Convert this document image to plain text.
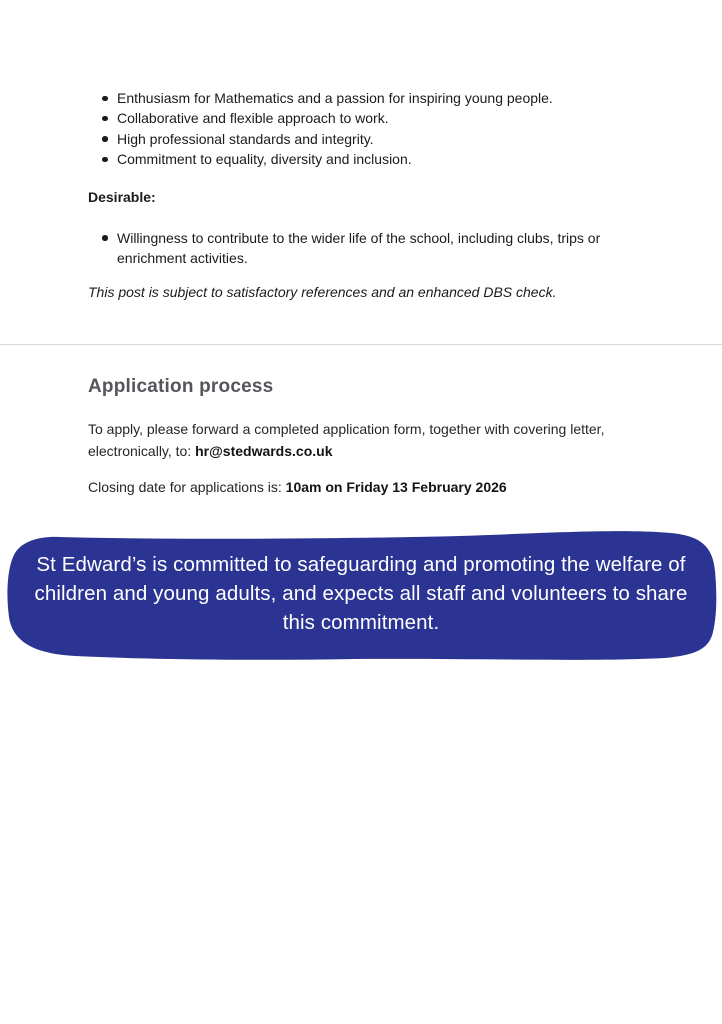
Enthusiasm for Mathematics and a passion for inspiring young people.
Collaborative and flexible approach to work.
High professional standards and integrity.
Commitment to equality, diversity and inclusion.

Desirable:

Willingness to contribute to the wider life of the school, including clubs, trips or enrichment activities.

This post is subject to satisfactory references and an enhanced DBS check.

Application process

To apply, please forward a completed application form, together with covering letter, electronically, to: hr@stedwards.co.uk

Closing date for applications is: 10am on Friday 13 February 2026

St Edward’s is committed to safeguarding and promoting the welfare of
children and young adults, and expects all staff and volunteers to share
this commitment.
